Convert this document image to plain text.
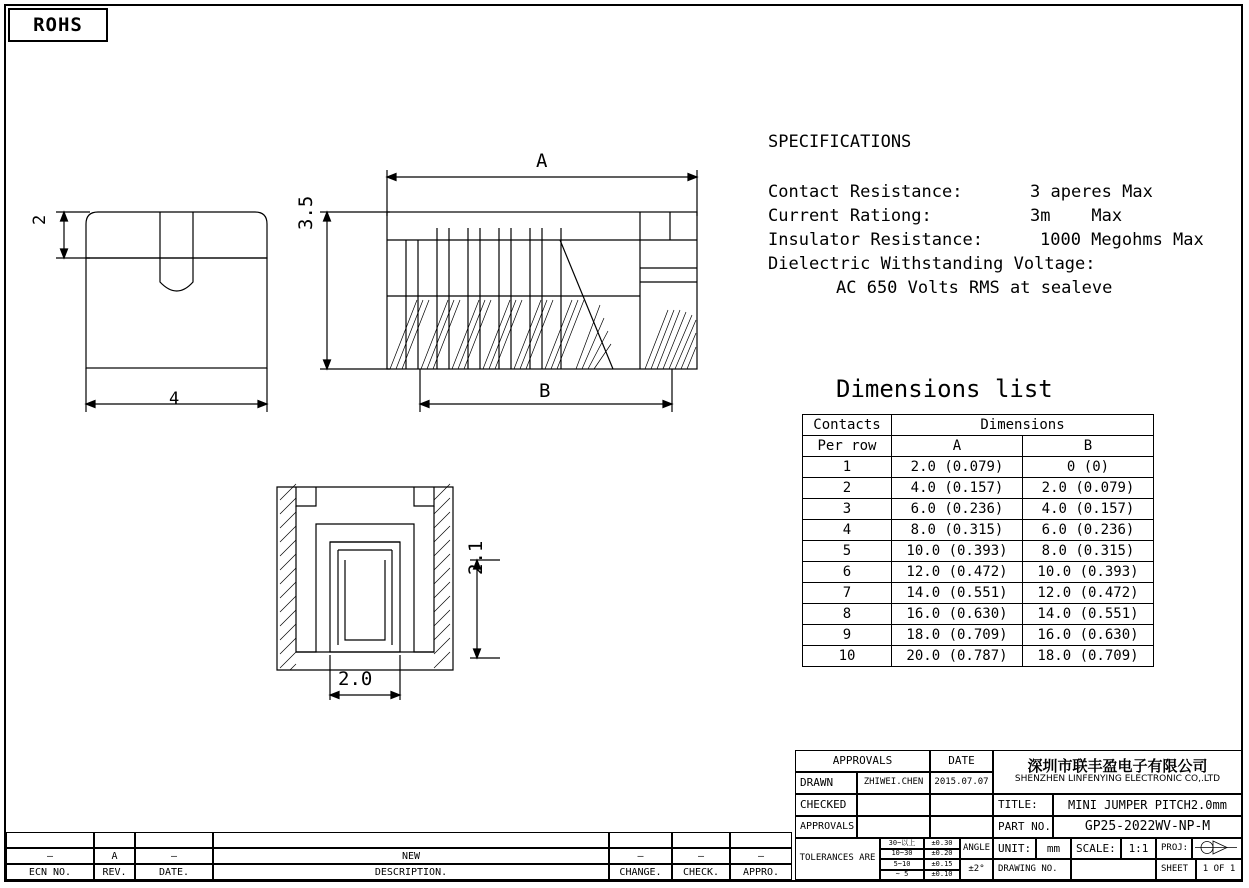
ROHS
2
4
3.5
A
B
2.1
2.0
SPECIFICATIONS
Contact Resistance:	3 aperes Max
Current Rationg:	3m    Max
Insulator Resistance:	1000 Megohms Max
Dielectric Withstanding Voltage:
AC 650 Volts RMS at sealeve
Dimensions list
Contacts	Dimensions	
Per row	A	B
1	2.0 (0.079)	0 (0)
2	4.0 (0.157)	2.0 (0.079)
3	6.0 (0.236)	4.0 (0.157)
4	8.0 (0.315)	6.0 (0.236)
5	10.0 (0.393)	8.0 (0.315)
6	12.0 (0.472)	10.0 (0.393)
7	14.0 (0.551)	12.0 (0.472)
8	16.0 (0.630)	14.0 (0.551)
9	18.0 (0.709)	16.0 (0.630)
10	20.0 (0.787)	18.0 (0.709)
APPROVALS	DATE
DRAWN	ZHIWEI.CHEN	2015.07.07
CHECKED
APPROVALS
TOLERANCES ARE
30~以上	±0.30
10~30	±0.20
5~10	±0.15
~ 5	±0.10
ANGLE
±2°
深圳市联丰盈电子有限公司
SHENZHEN LINFENYING ELECTRONIC CO,.LTD
TITLE:	MINI JUMPER PITCH2.0mm
PART NO.	GP25-2022WV-NP-M
UNIT:	mm	SCALE:	1:1	PROJ:
DRAWING NO.	SHEET	1 OF 1
—	A	—	NEW	—	—	—
ECN NO.	REV.	DATE.	DESCRIPTION.	CHANGE.	CHECK.	APPRO.
